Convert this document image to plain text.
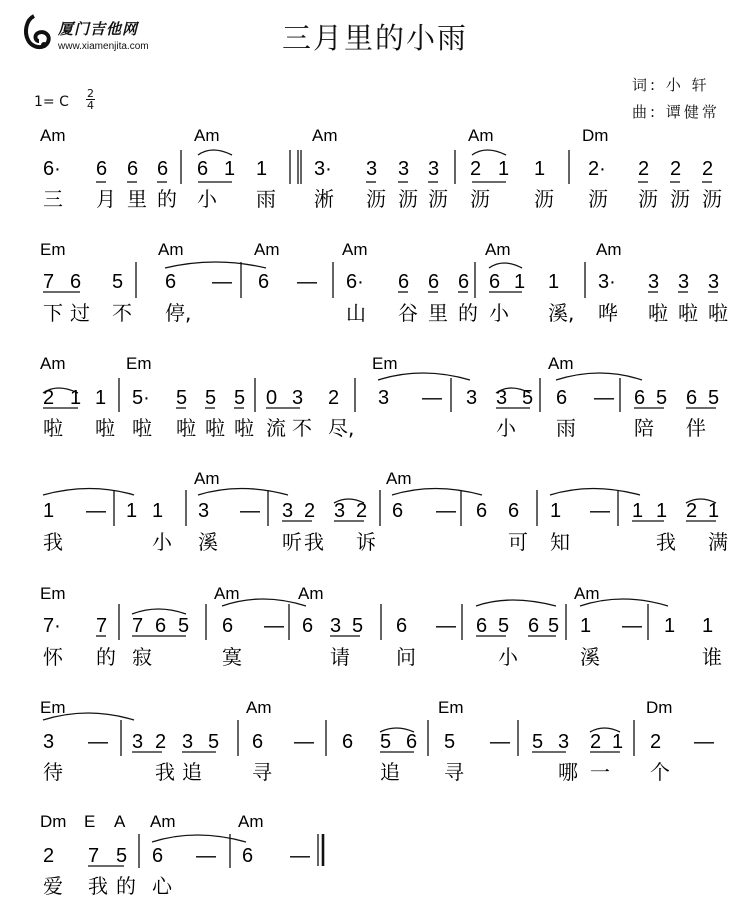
厦门吉他网
www.xiamenjita.com	三月里的小雨
词: 小 轩
曲: 谭健常
1= C
2
4
Am	Am	Am	Am	Dm
6· 6 6 6 6 1 1 3· 3 3 3 2 1 1 2· 2 2 2
三 月 里 的 小 雨 淅 沥 沥 沥 沥 沥 沥 沥 沥 沥
Em	Am	Am	Am	Am	Am
7 6 5 6 — 6 — 6· 6 6 6 6 1 1 3· 3 3 3
下 过 不 停,	山 谷 里 的 小 溪, 哗 啦 啦 啦
Am	Em	Em	Am
2 1 1 5· 5 5 5 0 3 2 3 — 3 3 5 6 — 6 5 6 5
啦 啦 啦 啦 啦 啦 流 不 尽,	小 雨	陪 伴
Am	Am
1 — 1 1 3 — 3 2 3 2 6 — 6 6 1 — 1 1 2 1
我	小 溪	听 我 诉	可 知	我 满
Em	Am	Am	Am
7· 7 7 6 5 6 — 6 3 5 6 — 6 5 6 5 1 — 1 1
怀 的 寂	寞	请 问	小	溪	谁
Em	Am	Em	Dm
3 — 3 2 3 5 6 — 6 5 6 5 — 5 3 2 1 2 —
待	我 追	寻	追 寻	哪 一 个
Dm E A Am	Am
2 7 5 6 — 6 —
爱 我 的 心
